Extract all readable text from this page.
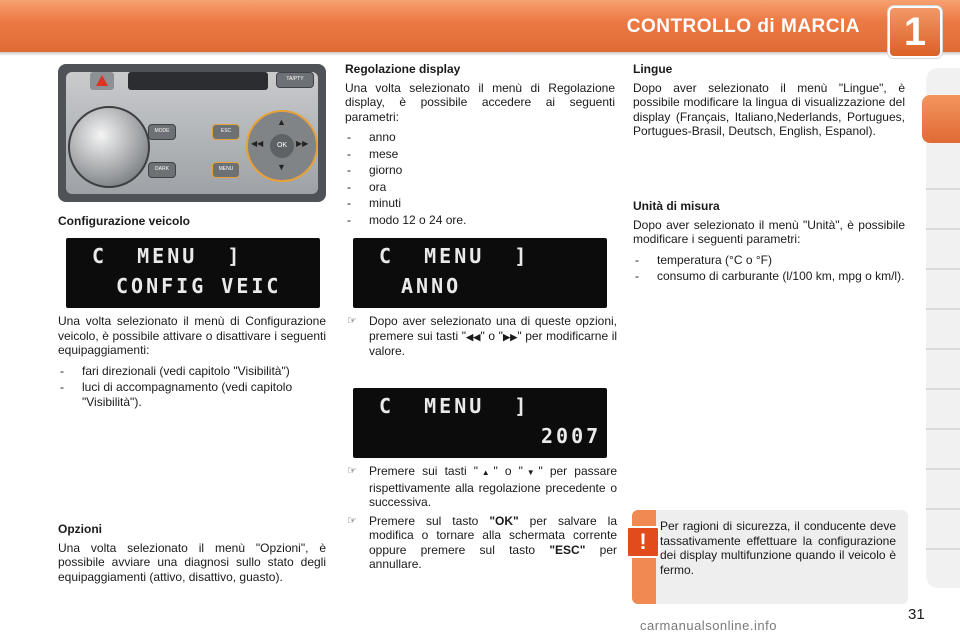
CONTROLLO di MARCIA	1
TA/PTY
MODE
DARK
ESC
MENU
OK
▲
▼
◀◀	▶▶
Configurazione veicolo
C  MENU  ]
CONFIG VEIC

Una volta selezionato il menù di Configurazione veicolo, è possibile attivare o disattivare i seguenti equipaggiamenti:

- fari direzionali (vedi capitolo "Visibilità")
- luci di accompagnamento (vedi capitolo "Visibilità").
Opzioni

Una volta selezionato il menù "Opzioni", è possibile avviare una diagnosi sullo stato degli equipaggiamenti (attivo, disattivo, guasto).

Regolazione display

Una volta selezionato il menù di Regolazione display, è possibile accedere ai seguenti parametri:

- anno
- mese
- giorno
- ora
- minuti
- modo 12 o 24 ore.
C  MENU  ]
ANNO
☞ Dopo aver selezionato una di queste opzioni, premere sui tasti "◀◀" o "▶▶" per modificarne il valore.
C  MENU  ]
2007
☞ Premere sui tasti "▲" o "▼" per passare rispettivamente alla regolazione precedente o successiva.
☞ Premere sul tasto "OK" per salvare la modifica o tornare alla schermata corrente oppure premere sul tasto "ESC" per annullare.
Lingue

Dopo aver selezionato il menù "Lingue", è possibile modificare la lingua di visualizzazione del display (Français, Italiano,Nederlands, Portugues, Portugues-Brasil, Deutsch, English, Espanol).

Unità di misura

Dopo aver selezionato il menù "Unità", è possibile modificare i seguenti parametri:

- temperatura (°C o °F)
- consumo di carburante (l/100 km, mpg o km/l).
!
Per ragioni di sicurezza, il conducente deve tassativamente effettuare la configurazione dei display multifunzione quando il veicolo è fermo.
31
carmanualsonline.info
